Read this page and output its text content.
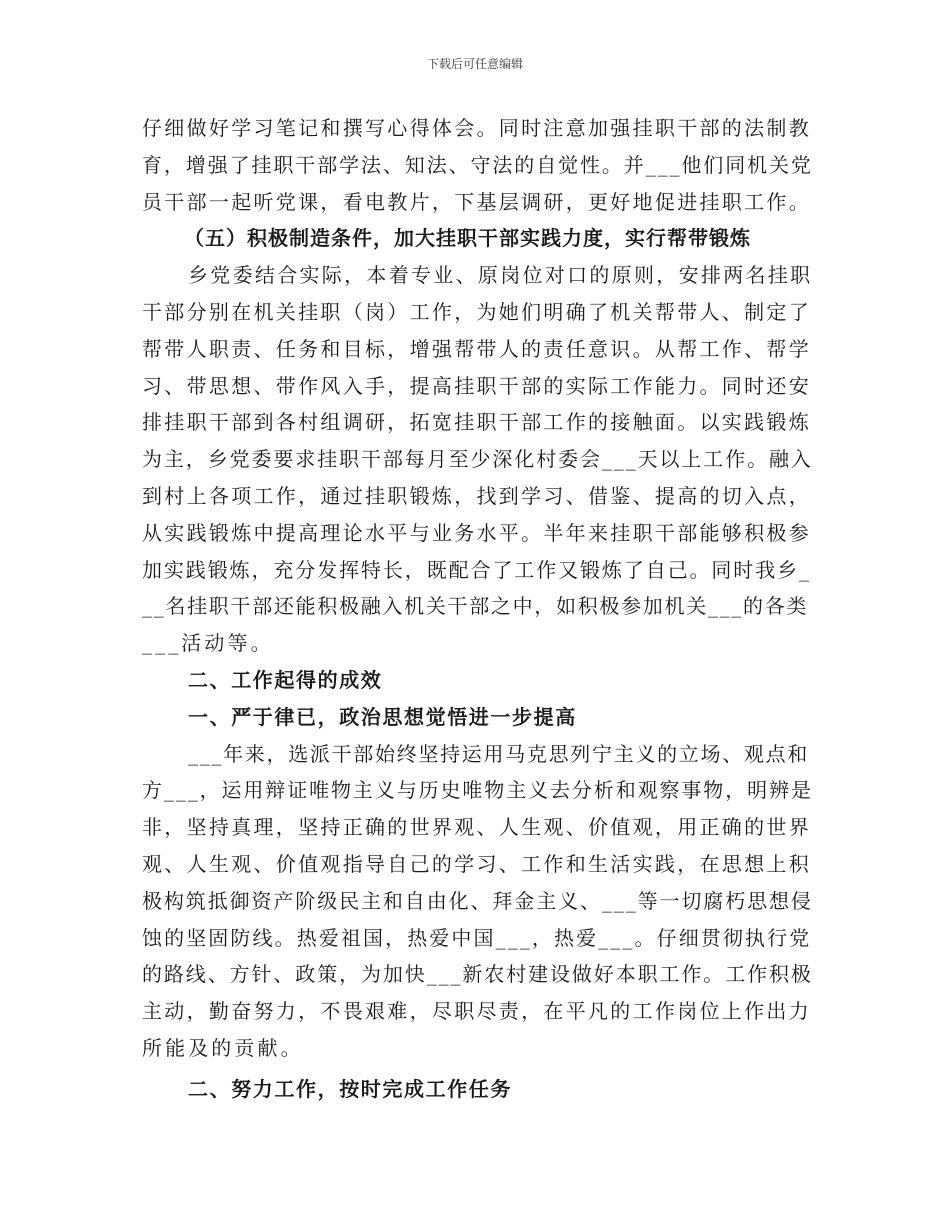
下载后可任意编辑
仔细做好学习笔记和撰写心得体会。同时注意加强挂职干部的法制教
育，增强了挂职干部学法、知法、守法的自觉性。并___他们同机关党
员干部一起听党课，看电教片，下基层调研，更好地促进挂职工作。
（五）积极制造条件，加大挂职干部实践力度，实行帮带锻炼
乡党委结合实际，本着专业、原岗位对口的原则，安排两名挂职
干部分别在机关挂职（岗）工作，为她们明确了机关帮带人、制定了
帮带人职责、任务和目标，增强帮带人的责任意识。从帮工作、帮学
习、带思想、带作风入手，提高挂职干部的实际工作能力。同时还安
排挂职干部到各村组调研，拓宽挂职干部工作的接触面。以实践锻炼
为主，乡党委要求挂职干部每月至少深化村委会___天以上工作。融入
到村上各项工作，通过挂职锻炼，找到学习、借鉴、提高的切入点，
从实践锻炼中提高理论水平与业务水平。半年来挂职干部能够积极参
加实践锻炼，充分发挥特长，既配合了工作又锻炼了自己。同时我乡_
__名挂职干部还能积极融入机关干部之中，如积极参加机关___的各类
___活动等。
二、工作起得的成效
一、严于律已，政治思想觉悟进一步提高
___年来，选派干部始终坚持运用马克思列宁主义的立场、观点和
方___，运用辩证唯物主义与历史唯物主义去分析和观察事物，明辨是
非，坚持真理，坚持正确的世界观、人生观、价值观，用正确的世界
观、人生观、价值观指导自己的学习、工作和生活实践，在思想上积
极构筑抵御资产阶级民主和自由化、拜金主义、___等一切腐朽思想侵
蚀的坚固防线。热爱祖国，热爱中国___，热爱___。仔细贯彻执行党
的路线、方针、政策，为加快___新农村建设做好本职工作。工作积极
主动，勤奋努力，不畏艰难，尽职尽责，在平凡的工作岗位上作出力
所能及的贡献。
二、努力工作，按时完成工作任务
